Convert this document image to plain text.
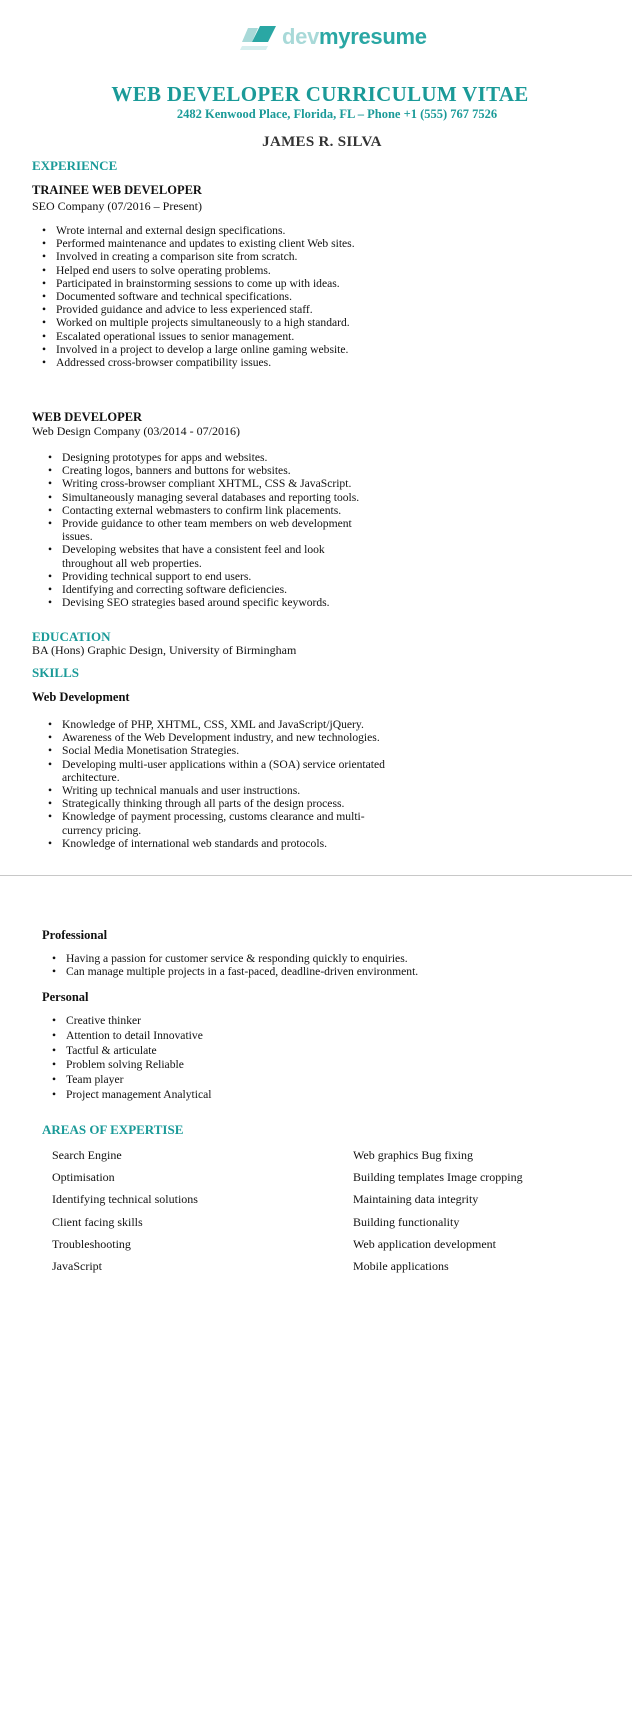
devmyresume
WEB DEVELOPER CURRICULUM VITAE
2482 Kenwood Place, Florida, FL – Phone +1 (555) 767 7526
JAMES R. SILVA
EXPERIENCE
TRAINEE WEB DEVELOPER
SEO Company (07/2016 – Present)
• Wrote internal and external design specifications.
• Performed maintenance and updates to existing client Web sites.
• Involved in creating a comparison site from scratch.
• Helped end users to solve operating problems.
• Participated in brainstorming sessions to come up with ideas.
• Documented software and technical specifications.
• Provided guidance and advice to less experienced staff.
• Worked on multiple projects simultaneously to a high standard.
• Escalated operational issues to senior management.
• Involved in a project to develop a large online gaming website.
• Addressed cross-browser compatibility issues.
WEB DEVELOPER
Web Design Company (03/2014 - 07/2016)
• Designing prototypes for apps and websites.
• Creating logos, banners and buttons for websites.
• Writing cross-browser compliant XHTML, CSS & JavaScript.
• Simultaneously managing several databases and reporting tools.
• Contacting external webmasters to confirm link placements.
• Provide guidance to other team members on web development issues.
• Developing websites that have a consistent feel and look throughout all web properties.
• Providing technical support to end users.
• Identifying and correcting software deficiencies.
• Devising SEO strategies based around specific keywords.
EDUCATION
BA (Hons) Graphic Design, University of Birmingham
SKILLS
Web Development
• Knowledge of PHP, XHTML, CSS, XML and JavaScript/jQuery.
• Awareness of the Web Development industry, and new technologies.
• Social Media Monetisation Strategies.
• Developing multi-user applications within a (SOA) service orientated architecture.
• Writing up technical manuals and user instructions.
• Strategically thinking through all parts of the design process.
• Knowledge of payment processing, customs clearance and multi-currency pricing.
• Knowledge of international web standards and protocols.
Professional
• Having a passion for customer service & responding quickly to enquiries.
• Can manage multiple projects in a fast-paced, deadline-driven environment.
Personal
• Creative thinker
• Attention to detail Innovative
• Tactful & articulate
• Problem solving Reliable
• Team player
• Project management Analytical
AREAS OF EXPERTISE
Search Engine
Optimisation
Identifying technical solutions
Client facing skills
Troubleshooting
JavaScript
Web graphics Bug fixing
Building templates Image cropping
Maintaining data integrity
Building functionality
Web application development
Mobile applications
